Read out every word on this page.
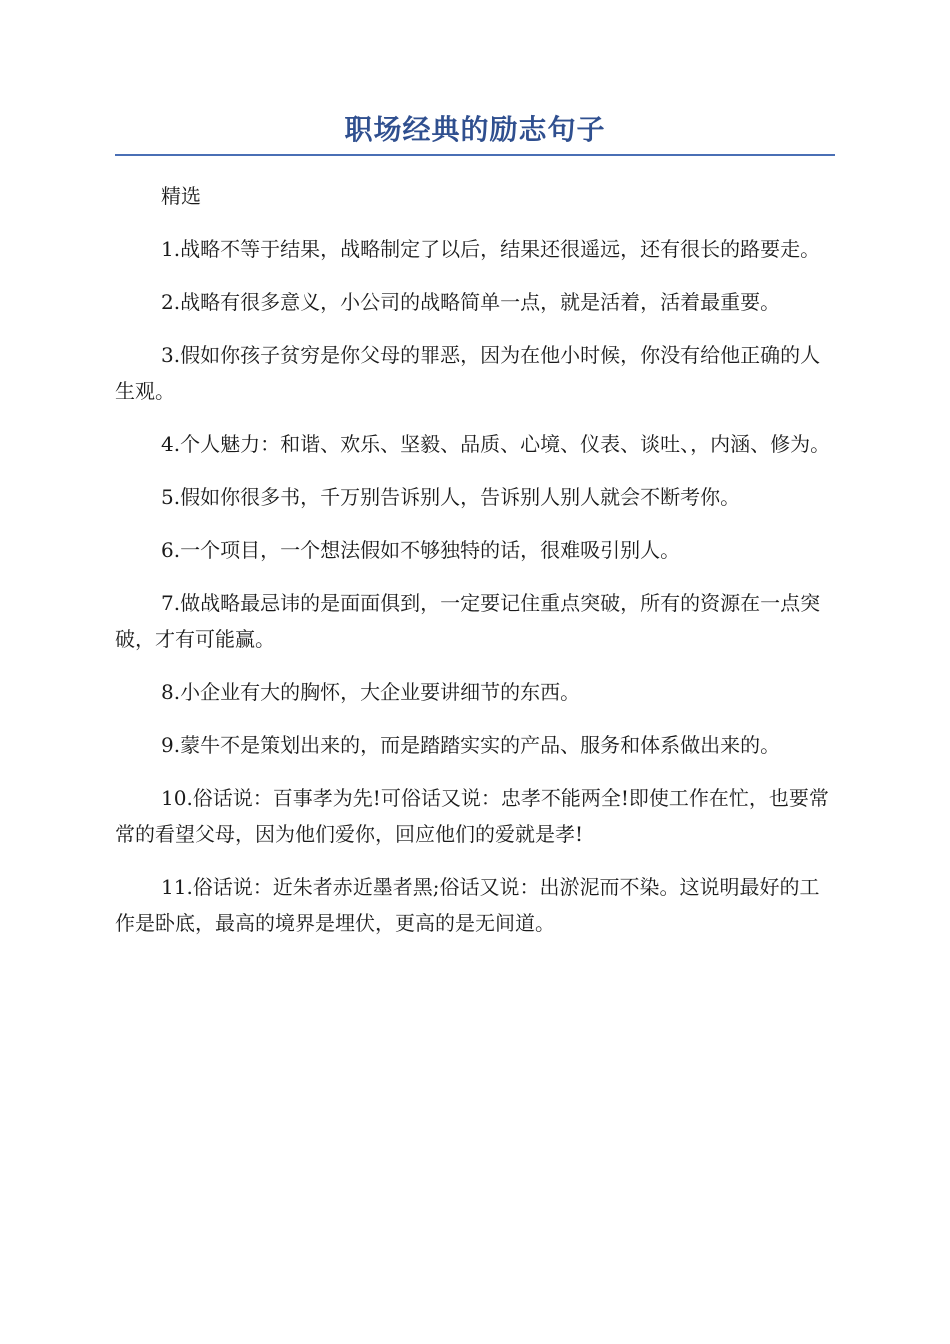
职场经典的励志句子

精选

1.战略不等于结果，战略制定了以后，结果还很遥远，还有很长的路要走。

2.战略有很多意义，小公司的战略简单一点，就是活着，活着最重要。

3.假如你孩子贫穷是你父母的罪恶，因为在他小时候，你没有给他正确的人生观。

4.个人魅力：和谐、欢乐、坚毅、品质、心境、仪表、谈吐、，内涵、修为。

5.假如你很多书，千万别告诉别人，告诉别人别人就会不断考你。

6.一个项目，一个想法假如不够独特的话，很难吸引别人。

7.做战略最忌讳的是面面俱到，一定要记住重点突破，所有的资源在一点突破，才有可能赢。

8.小企业有大的胸怀，大企业要讲细节的东西。

9.蒙牛不是策划出来的，而是踏踏实实的产品、服务和体系做出来的。

10.俗话说：百事孝为先!可俗话又说：忠孝不能两全!即使工作在忙，也要常常的看望父母，因为他们爱你，回应他们的爱就是孝!

11.俗话说：近朱者赤近墨者黑;俗话又说：出淤泥而不染。这说明最好的工作是卧底，最高的境界是埋伏，更高的是无间道。
